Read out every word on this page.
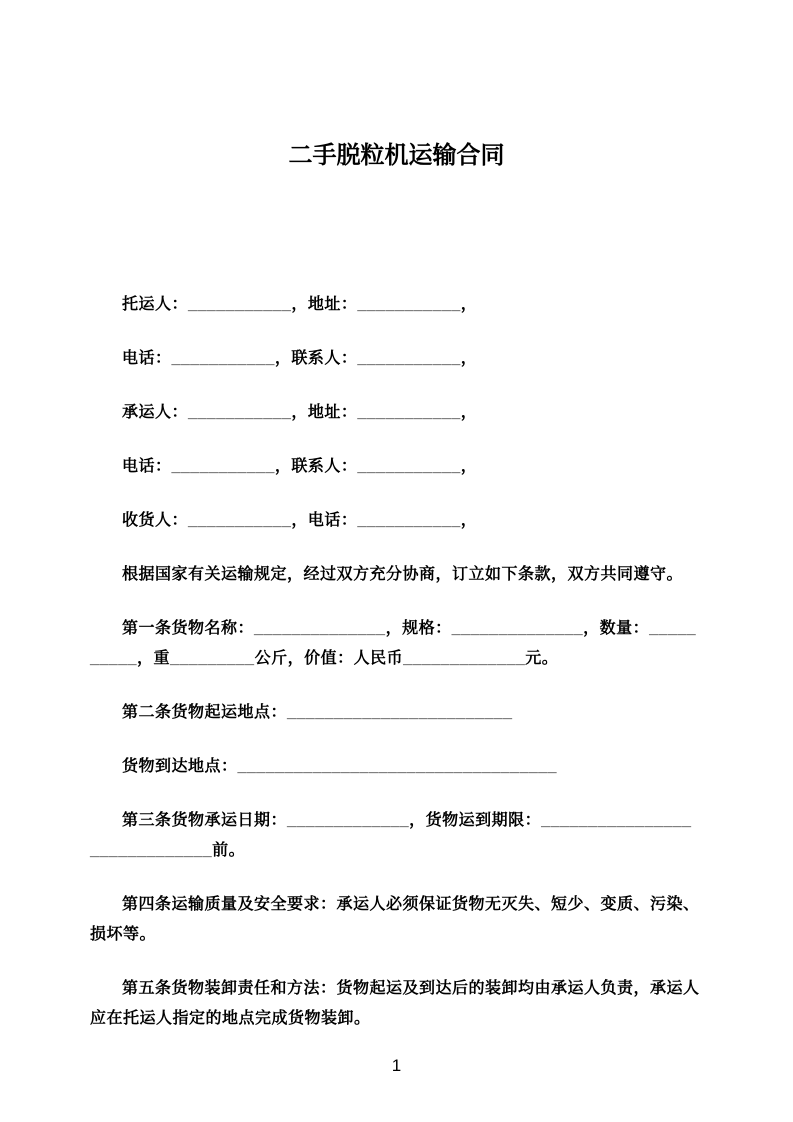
二手脱粒机运输合同

托运人：___________，地址：___________，

电话：___________，联系人：___________，

承运人：___________，地址：___________，

电话：___________，联系人：___________，

收货人：___________，电话：___________，

根据国家有关运输规定，经过双方充分协商，订立如下条款，双方共同遵守。

第一条货物名称：______________，规格：______________，数量：__________，重_________公斤，价值：人民币_____________元。

第二条货物起运地点：________________________

货物到达地点：__________________________________

第三条货物承运日期：_____________，货物运到期限：_____________________________前。

第四条运输质量及安全要求：承运人必须保证货物无灭失、短少、变质、污染、损坏等。

第五条货物装卸责任和方法：货物起运及到达后的装卸均由承运人负责，承运人应在托运人指定的地点完成货物装卸。

1
